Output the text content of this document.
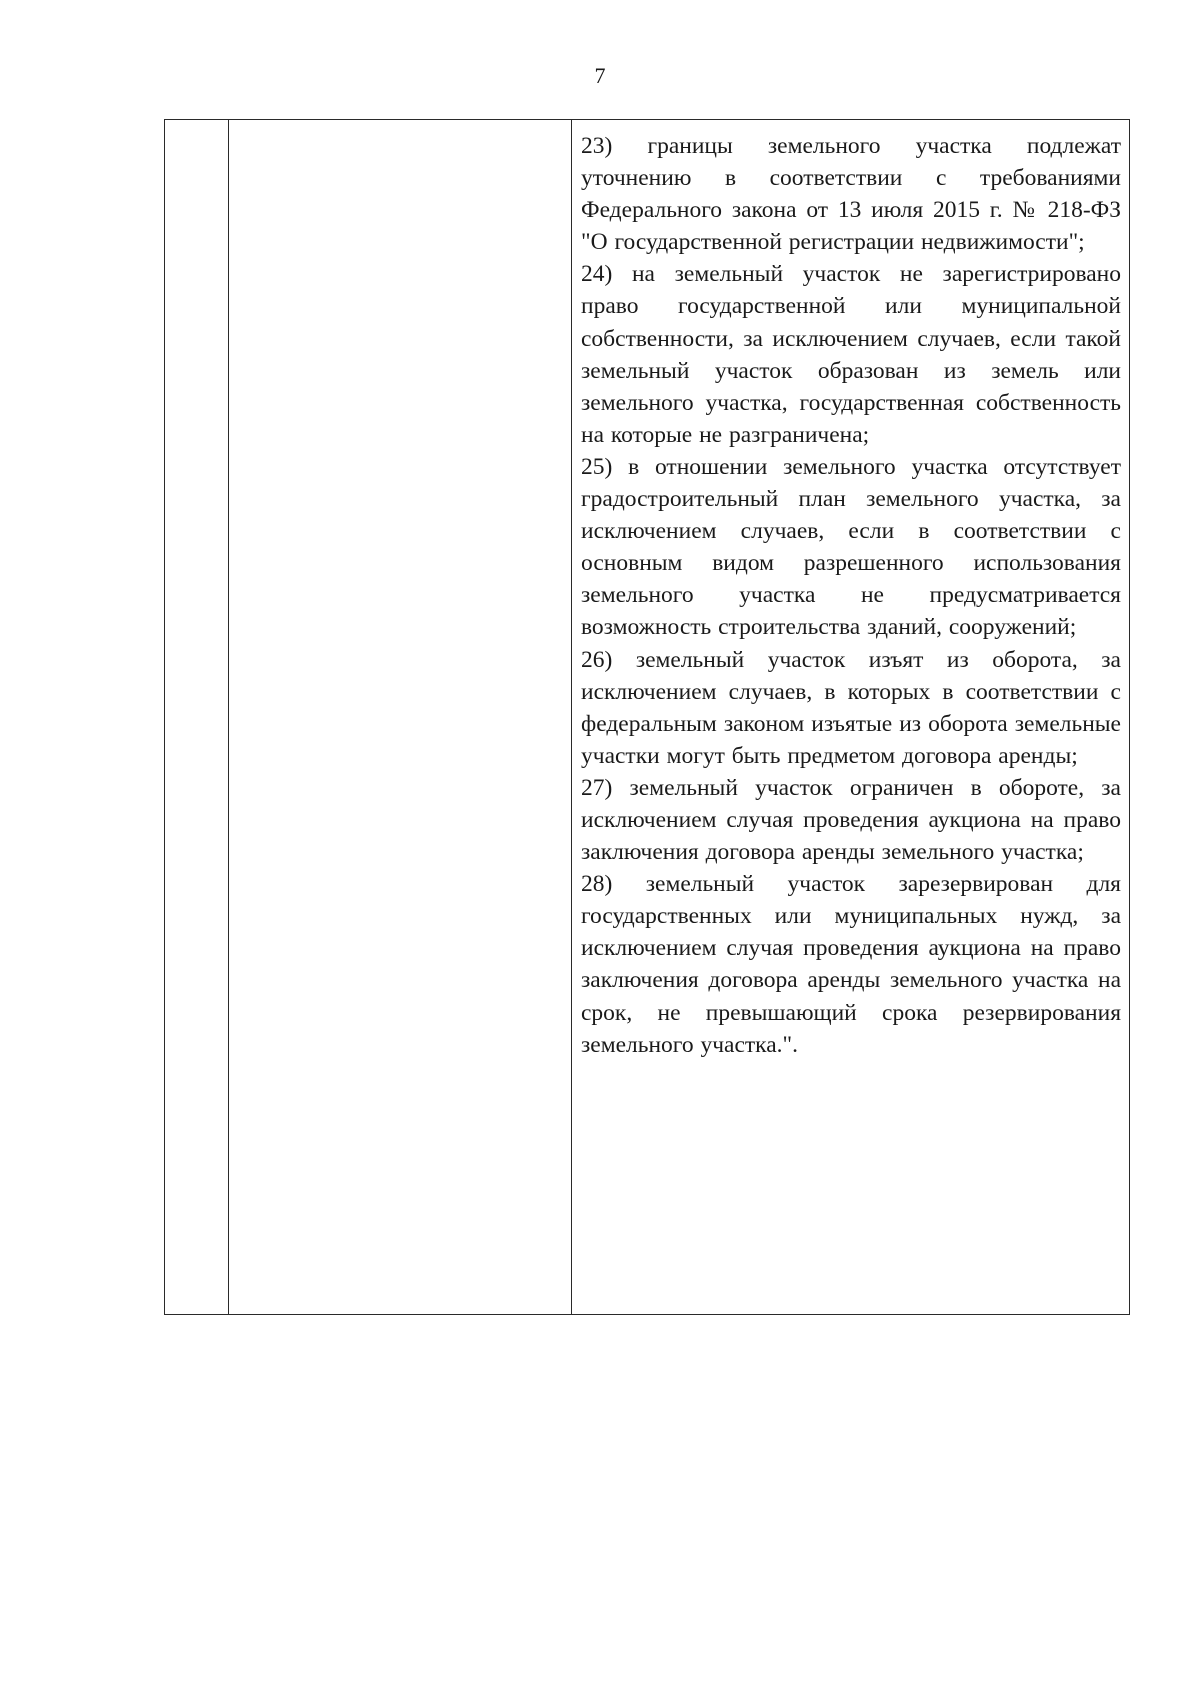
7

23) границы земельного участка подлежат уточнению в соответствии с требованиями Федерального закона от 13 июля 2015 г. № 218-ФЗ "О государственной регистрации недвижимости";

24) на земельный участок не зарегистрировано право государственной или муниципальной собственности, за исключением случаев, если такой земельный участок образован из земель или земельного участка, государственная собственность на которые не разграничена;

25) в отношении земельного участка отсутствует градостроительный план земельного участка, за исключением случаев, если в соответствии с основным видом разрешенного использования земельного участка не предусматривается возможность строительства зданий, сооружений;

26) земельный участок изъят из оборота, за исключением случаев, в которых в соответствии с федеральным законом изъятые из оборота земельные участки могут быть предметом договора аренды;

27) земельный участок ограничен в обороте, за исключением случая проведения аукциона на право заключения договора аренды земельного участка;

28) земельный участок зарезервирован для государственных или муниципальных нужд, за исключением случая проведения аукциона на право заключения договора аренды земельного участка на срок, не превышающий срока резервирования земельного участка.".
